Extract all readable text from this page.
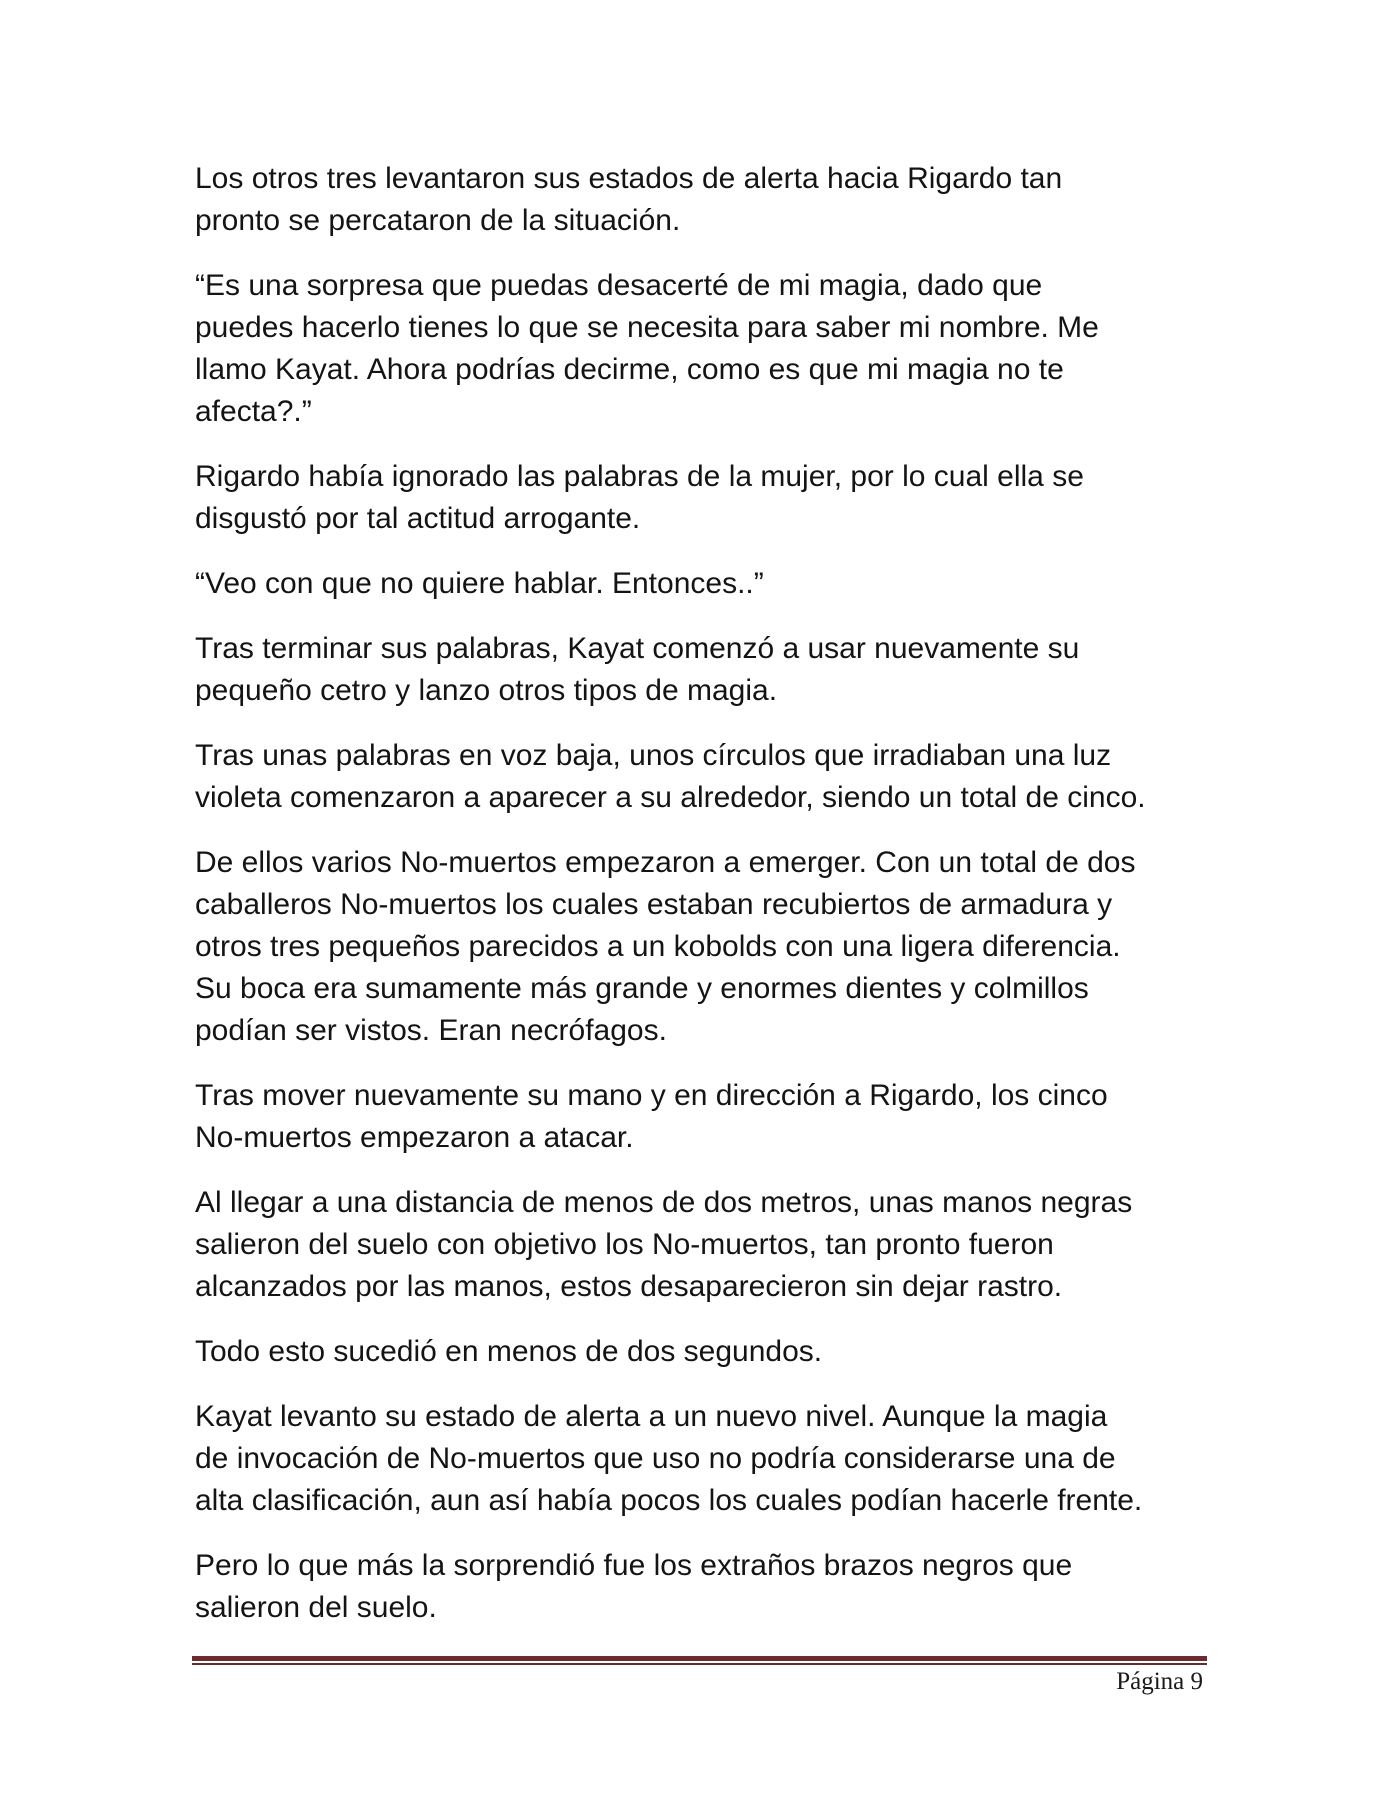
Los otros tres levantaron sus estados de alerta hacia Rigardo tan
pronto se percataron de la situación.

“Es una sorpresa que puedas desacerté de mi magia, dado que
puedes hacerlo tienes lo que se necesita para saber mi nombre. Me
llamo Kayat. Ahora podrías decirme, como es que mi magia no te
afecta?.”

Rigardo había ignorado las palabras de la mujer, por lo cual ella se
disgustó por tal actitud arrogante.

“Veo con que no quiere hablar. Entonces..”

Tras terminar sus palabras, Kayat comenzó a usar nuevamente su
pequeño cetro y lanzo otros tipos de magia.

Tras unas palabras en voz baja, unos círculos que irradiaban una luz
violeta comenzaron a aparecer a su alrededor, siendo un total de cinco.

De ellos varios No-muertos empezaron a emerger. Con un total de dos
caballeros No-muertos los cuales estaban recubiertos de armadura y
otros tres pequeños parecidos a un kobolds con una ligera diferencia.
Su boca era sumamente más grande y enormes dientes y colmillos
podían ser vistos. Eran necrófagos.

Tras mover nuevamente su mano y en dirección a Rigardo, los cinco
No-muertos empezaron a atacar.

Al llegar a una distancia de menos de dos metros, unas manos negras
salieron del suelo con objetivo los No-muertos, tan pronto fueron
alcanzados por las manos, estos desaparecieron sin dejar rastro.

Todo esto sucedió en menos de dos segundos.

Kayat levanto su estado de alerta a un nuevo nivel. Aunque la magia
de invocación de No-muertos que uso no podría considerarse una de
alta clasificación, aun así había pocos los cuales podían hacerle frente.

Pero lo que más la sorprendió fue los extraños brazos negros que
salieron del suelo.

Página 9
